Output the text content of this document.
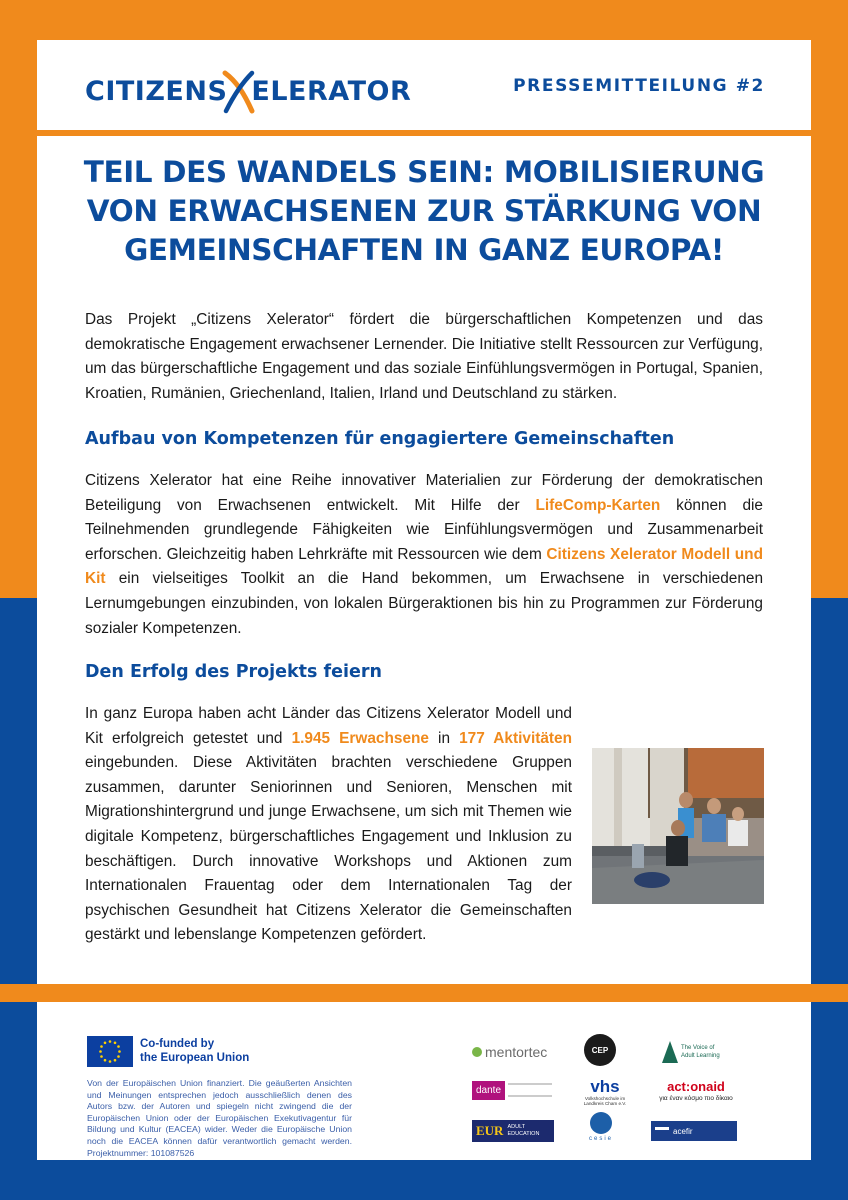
CITIZENS ELERATOR	PRESSEMITTEILUNG #2
TEIL DES WANDELS SEIN: MOBILISIERUNG
VON ERWACHSENEN ZUR STÄRKUNG VON
GEMEINSCHAFTEN IN GANZ EUROPA!

Das Projekt „Citizens Xelerator“ fördert die bürgerschaftlichen Kompetenzen und das demokratische Engagement erwachsener Lernender. Die Initiative stellt Ressourcen zur Verfügung, um das bürgerschaftliche Engagement und das soziale Einfühlungsvermögen in Portugal, Spanien, Kroatien, Rumänien, Griechenland, Italien, Irland und Deutschland zu stärken.

Aufbau von Kompetenzen für engagiertere Gemeinschaften

Citizens Xelerator hat eine Reihe innovativer Materialien zur Förderung der demokratischen Beteiligung von Erwachsenen entwickelt. Mit Hilfe der LifeComp-Karten können die Teilnehmenden grundlegende Fähigkeiten wie Einfühlungsvermögen und Zusammenarbeit erforschen. Gleichzeitig haben Lehrkräfte mit Ressourcen wie dem Citizens Xelerator Modell und Kit ein vielseitiges Toolkit an die Hand bekommen, um Erwachsene in verschiedenen Lernumgebungen einzubinden, von lokalen Bürgeraktionen bis hin zu Programmen zur Förderung sozialer Kompetenzen.

Den Erfolg des Projekts feiern

In ganz Europa haben acht Länder das Citizens Xelerator Modell und Kit erfolgreich getestet und 1.945 Erwachsene in 177 Aktivitäten eingebunden. Diese Aktivitäten brachten verschiedene Gruppen zusammen, darunter Seniorinnen und Senioren, Menschen mit Migrationshintergrund und junge Erwachsene, um sich mit Themen wie digitale Kompetenz, bürgerschaftliches Engagement und Inklusion zu beschäftigen. Durch innovative Workshops und Aktionen zum Internationalen Frauentag oder dem Internationalen Tag der psychischen Gesundheit hat Citizens Xelerator die Gemeinschaften gestärkt und lebenslange Kompetenzen gefördert.

Co-funded by
the European Union

Von der Europäischen Union finanziert. Die geäußerten Ansichten und Meinungen entsprechen jedoch ausschließlich denen des Autors bzw. der Autoren und spiegeln nicht zwingend die der Europäischen Union oder der Europäischen Exekutivagentur für Bildung und Kultur (EACEA) wider. Weder die Europäische Union noch die EACEA können dafür verantwortlich gemacht werden. Projektnummer: 101087526

mentortec	CEP	The Voice of
Adult Learning
dante	vhs
Volkshochschule im Landkreis Cham e.V.
act:onaid
για έναν κόσμο πιο δίκαιο
EUR ADULT
EDUCATION
cesie
acefir
